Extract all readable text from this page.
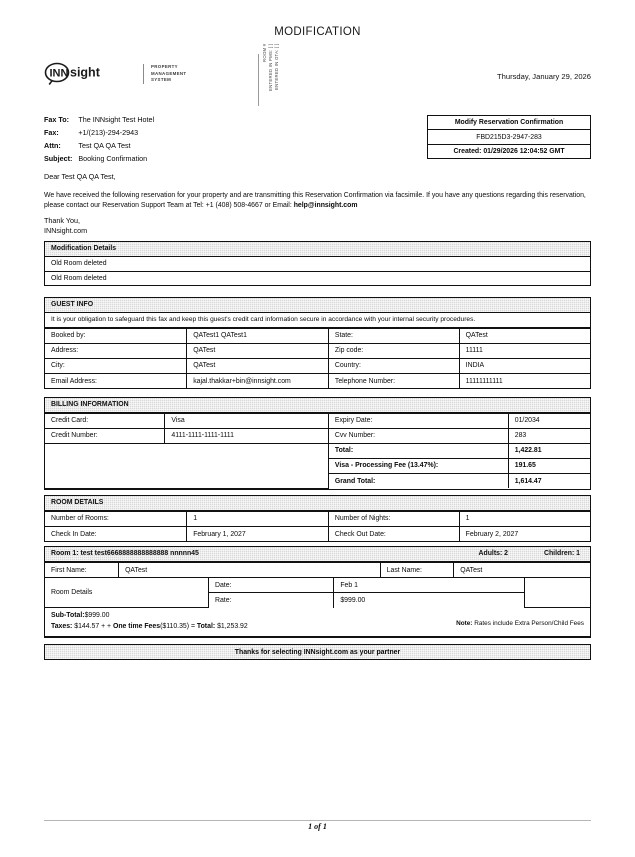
MODIFICATION
INN sight	PROPERTY
MANAGEMENT
SYSTEM
ROOM # ENTERED IN PMS: [ ] ENTERED IN OTA: [ ]	Thursday, January 29, 2026
Fax To:	The INNsight Test Hotel
Fax:	+1/(213)-294-2943
Attn:	Test QA QA Test
Subject:	Booking Confirmation
Modify Reservation Confirmation
FBD215D3-2947-283
Created: 01/29/2026 12:04:52 GMT
Dear Test QA QA Test,
We have received the following reservation for your property and are transmitting this Reservation Confirmation via facsimile. If you have any questions regarding this reservation, please contact our Reservation Support Team at Tel: +1 (408) 508-4667 or Email: help@innsight.com
Thank You,
INNsight.com
Modification Details
Old Room deleted
Old Room deleted
GUEST INFO
It is your obligation to safeguard this fax and keep this guest's credit card information secure in accordance with your internal security procedures.
Booked by:	QATest1 QATest1	State:	QATest
Address:	QATest	Zip code:	11111
City:	QATest	Country:	INDIA
Email Address:	kajal.thakkar+bin@innsight.com	Telephone Number:	11111111111
BILLING INFORMATION
Credit Card:	Visa	Expiry Date:	01/2034
Credit Number:	4111-1111-1111-1111	Cvv Number:	283
		Total:	1,422.81
		Visa - Processing Fee (13.47%):	191.65
		Grand Total:	1,614.47
ROOM DETAILS
Number of Rooms:	1	Number of Nights:	1
Check In Date:	February 1, 2027	Check Out Date:	February 2, 2027
Room 1: test test6668888888888888 nnnnn45	Adults: 2	Children: 1
First Name:	QATest	Last Name:	QATest
Room Details	Date:	Feb 1	
	Rate:	$999.00	
Sub-Total:$999.00
Taxes: $144.57 + + One time Fees($110.35) = Total: $1,253.92	Note: Rates include Extra Person/Child Fees
Thanks for selecting INNsight.com as your partner
1 of 1
